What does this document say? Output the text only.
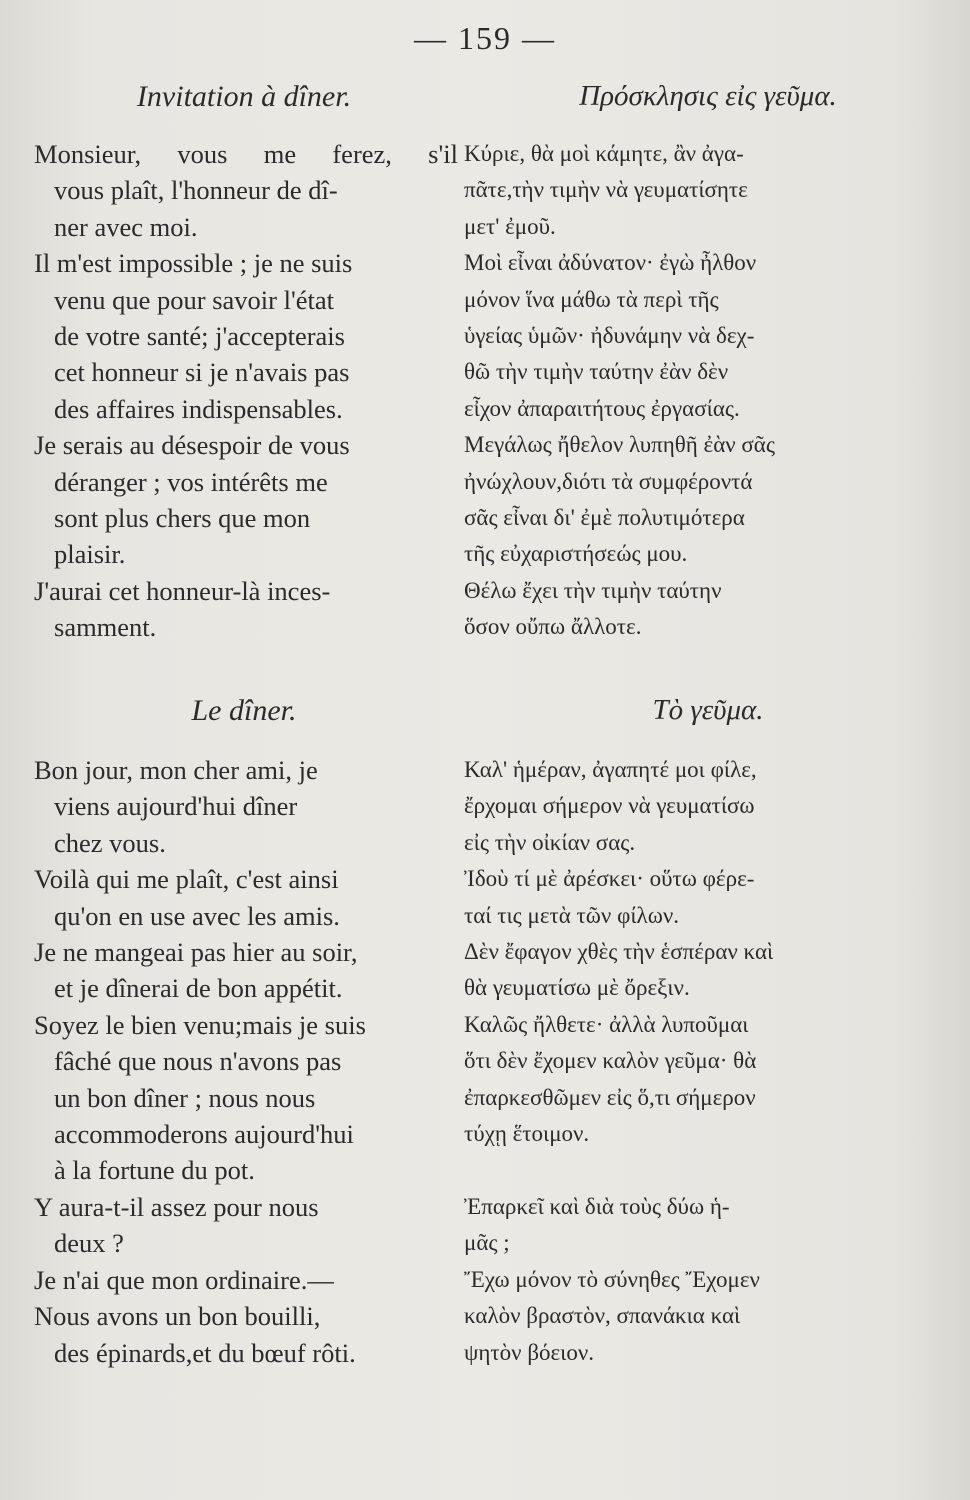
— 159 —
Invitation à dîner.	Πρόσκλησις εἰς γεῦμα.
Monsieur, vous me ferez, s'il
vous plaît, l'honneur de dî-
ner avec moi.
Κύριε, θὰ μοὶ κάμητε, ἂν ἀγα-
πᾶτε,τὴν τιμὴν νὰ γευματίσητε
μετ' ἐμοῦ.
Il m'est impossible ; je ne suis
venu que pour savoir l'état
de votre santé; j'accepterais
cet honneur si je n'avais pas
des affaires indispensables.
Μοὶ εἶναι ἀδύνατον· ἐγὼ ἦλθον
μόνον ἵνα μάθω τὰ περὶ τῆς
ὑγείας ὑμῶν· ἠδυνάμην νὰ δεχ-
θῶ τὴν τιμὴν ταύτην ἐὰν δὲν
εἶχον ἀπαραιτήτους ἐργασίας.
Je serais au désespoir de vous
déranger ; vos intérêts me
sont plus chers que mon
plaisir.
Μεγάλως ἤθελον λυπηθῆ ἐὰν σᾶς
ἠνώχλουν,διότι τὰ συμφέροντά
σᾶς εἶναι δι' ἐμὲ πολυτιμότερα
τῆς εὐχαριστήσεώς μου.
J'aurai cet honneur-là inces-
samment.
Θέλω ἔχει τὴν τιμὴν ταύτην
ὅσον οὔπω ἄλλοτε.
Le dîner.	Τὸ γεῦμα.
Bon jour, mon cher ami, je
viens aujourd'hui dîner
chez vous.
Καλ' ἡμέραν, ἀγαπητέ μοι φίλε,
ἔρχομαι σήμερον νὰ γευματίσω
εἰς τὴν οἰκίαν σας.
Voilà qui me plaît, c'est ainsi
qu'on en use avec les amis.
Ἰδοὺ τί μὲ ἀρέσκει· οὕτω φέρε-
ταί τις μετὰ τῶν φίλων.
Je ne mangeai pas hier au soir,
et je dînerai de bon appétit.
Δὲν ἔφαγον χθὲς τὴν ἑσπέραν καὶ
θὰ γευματίσω μὲ ὄρεξιν.
Soyez le bien venu;mais je suis
fâché que nous n'avons pas
un bon dîner ; nous nous
accommoderons aujourd'hui
à la fortune du pot.
Καλῶς ἤλθετε· ἀλλὰ λυποῦμαι
ὅτι δὲν ἔχομεν καλὸν γεῦμα· θὰ
ἐπαρκεσθῶμεν εἰς ὅ,τι σήμερον
τύχῃ ἕτοιμον.
Y aura-t-il assez pour nous
deux ?
Ἐπαρκεῖ καὶ διὰ τοὺς δύω ἡ-
μᾶς ;
Je n'ai que mon ordinaire.—
Nous avons un bon bouilli,
des épinards,et du bœuf rôti.
Ἔχω μόνον τὸ σύνηθες Ἔχομεν
καλὸν βραστὸν, σπανάκια καὶ
ψητὸν βόειον.
